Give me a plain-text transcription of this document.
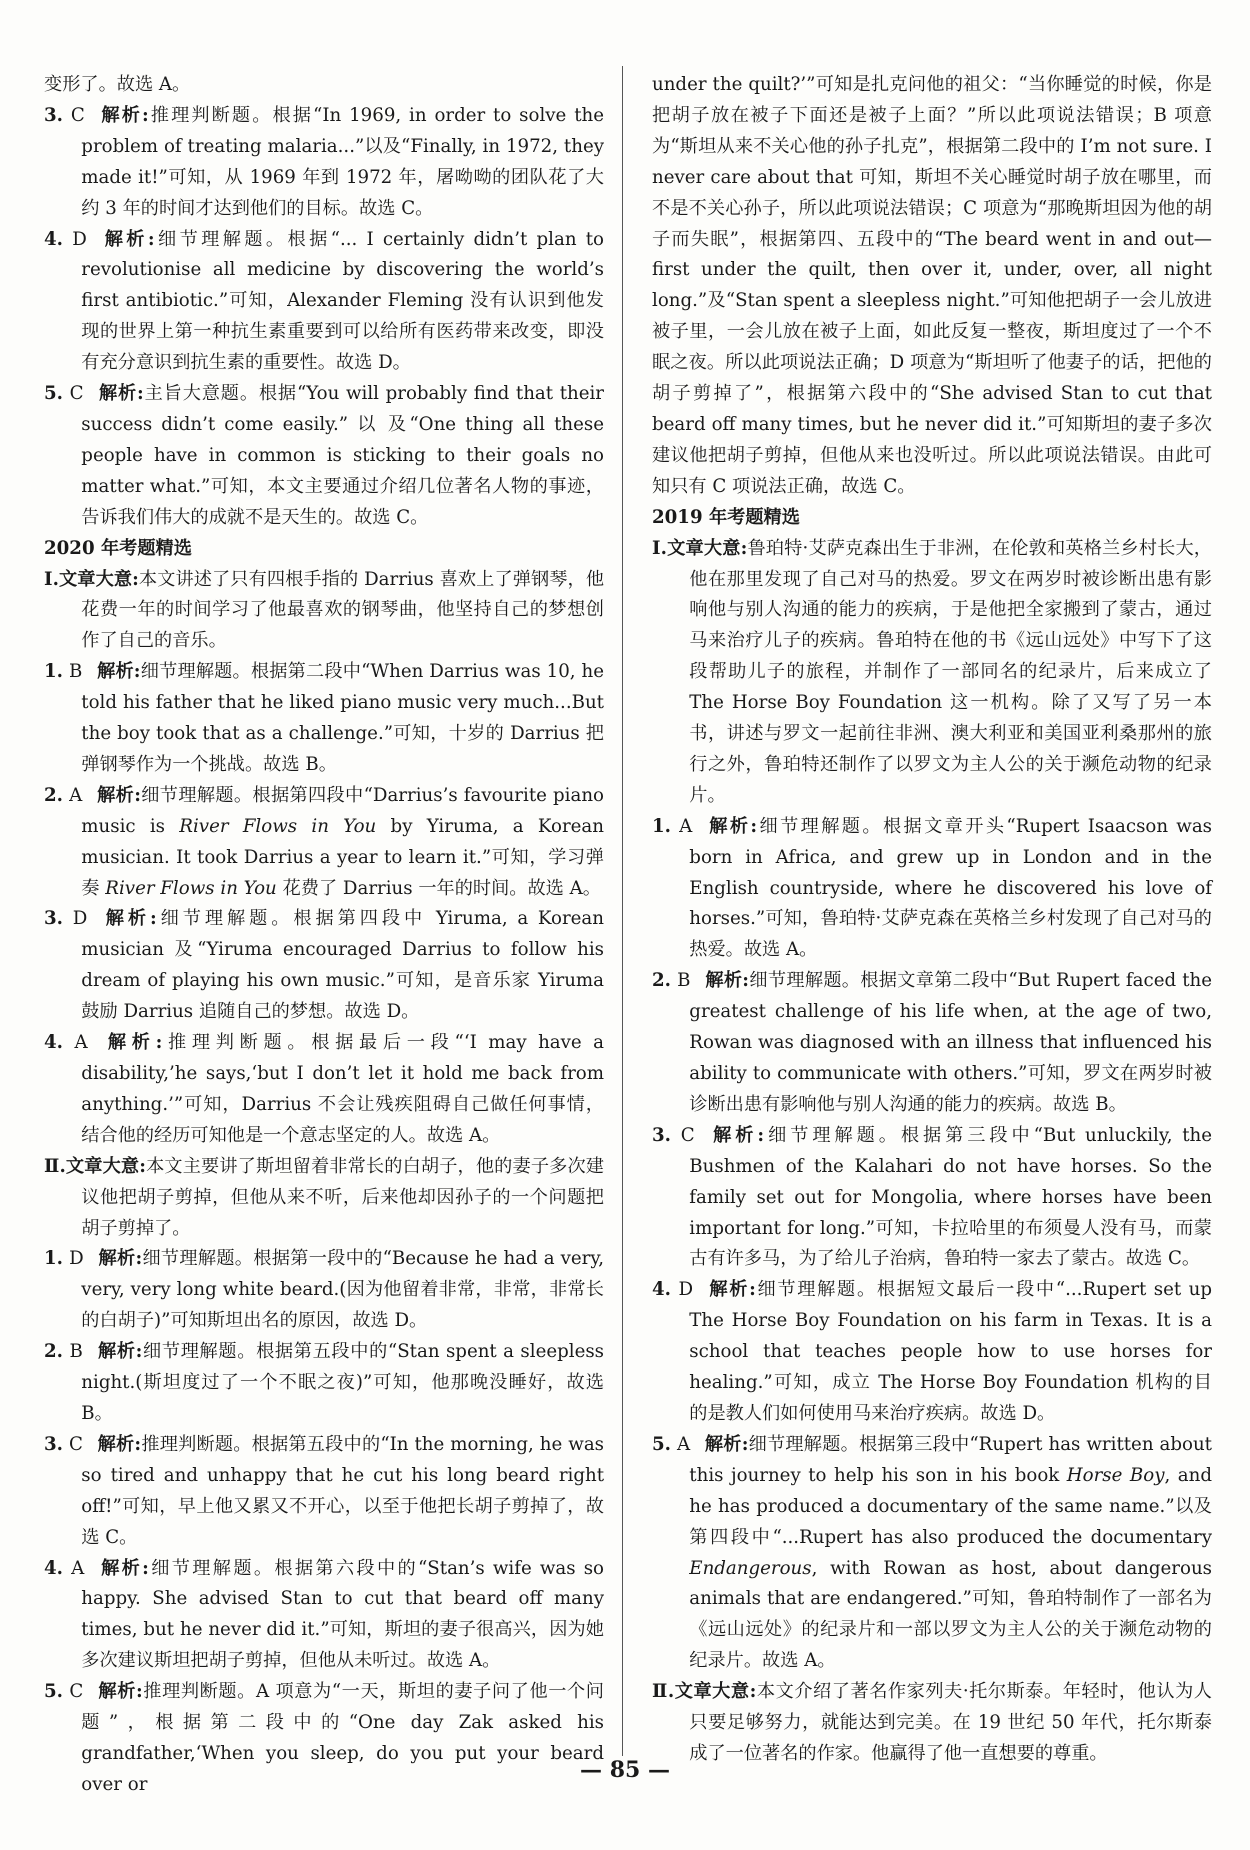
变形了。故选 A。

3. C 解析:推理判断题。根据“In 1969, in order to solve the problem of treating malaria...”以及“Finally, in 1972, they made it!”可知，从 1969 年到 1972 年，屠呦呦的团队花了大约 3 年的时间才达到他们的目标。故选 C。

4. D 解析:细节理解题。根据“... I certainly didn’t plan to revolutionise all medicine by discovering the world’s first antibiotic.”可知，Alexander Fleming 没有认识到他发现的世界上第一种抗生素重要到可以给所有医药带来改变，即没有充分意识到抗生素的重要性。故选 D。

5. C 解析:主旨大意题。根据“You will probably find that their success didn’t come easily.” 以 及“One thing all these people have in common is sticking to their goals no matter what.”可知，本文主要通过介绍几位著名人物的事迹，告诉我们伟大的成就不是天生的。故选 C。

2020 年考题精选

Ⅰ.文章大意:本文讲述了只有四根手指的 Darrius 喜欢上了弹钢琴，他花费一年的时间学习了他最喜欢的钢琴曲，他坚持自己的梦想创作了自己的音乐。

1. B 解析:细节理解题。根据第二段中“When Darrius was 10, he told his father that he liked piano music very much...But the boy took that as a challenge.”可知，十岁的 Darrius 把弹钢琴作为一个挑战。故选 B。

2. A 解析:细节理解题。根据第四段中“Darrius’s favourite piano music is River Flows in You by Yiruma, a Korean musician. It took Darrius a year to learn it.”可知，学习弹奏 River Flows in You 花费了 Darrius 一年的时间。故选 A。

3. D 解析:细节理解题。根据第四段中 Yiruma, a Korean musician 及“Yiruma encouraged Darrius to follow his dream of playing his own music.”可知，是音乐家 Yiruma 鼓励 Darrius 追随自己的梦想。故选 D。

4. A 解析:推理判断题。根据最后一段“‘I may have a disability,’he says,‘but I don’t let it hold me back from anything.’”可知，Darrius 不会让残疾阻碍自己做任何事情，结合他的经历可知他是一个意志坚定的人。故选 A。

Ⅱ.文章大意:本文主要讲了斯坦留着非常长的白胡子，他的妻子多次建议他把胡子剪掉，但他从来不听，后来他却因孙子的一个问题把胡子剪掉了。

1. D 解析:细节理解题。根据第一段中的“Because he had a very, very, very long white beard.(因为他留着非常，非常，非常长的白胡子)”可知斯坦出名的原因，故选 D。

2. B 解析:细节理解题。根据第五段中的“Stan spent a sleepless night.(斯坦度过了一个不眠之夜)”可知，他那晚没睡好，故选 B。

3. C 解析:推理判断题。根据第五段中的“In the morning, he was so tired and unhappy that he cut his long beard right off!”可知，早上他又累又不开心，以至于他把长胡子剪掉了，故选 C。

4. A 解析:细节理解题。根据第六段中的“Stan’s wife was so happy. She advised Stan to cut that beard off many times, but he never did it.”可知，斯坦的妻子很高兴，因为她多次建议斯坦把胡子剪掉，但他从未听过。故选 A。

5. C 解析:推理判断题。A 项意为“一天，斯坦的妻子问了他一个问题”，根据第二段中的“One day Zak asked his grandfather,‘When you sleep, do you put your beard over or

under the quilt?’”可知是扎克问他的祖父：“当你睡觉的时候，你是把胡子放在被子下面还是被子上面？”所以此项说法错误；B 项意为“斯坦从来不关心他的孙子扎克”，根据第二段中的 I’m not sure. I never care about that 可知，斯坦不关心睡觉时胡子放在哪里，而不是不关心孙子，所以此项说法错误；C 项意为“那晚斯坦因为他的胡子而失眠”，根据第四、五段中的“The beard went in and out—first under the quilt, then over it, under, over, all night long.”及“Stan spent a sleepless night.”可知他把胡子一会儿放进被子里，一会儿放在被子上面，如此反复一整夜，斯坦度过了一个不眠之夜。所以此项说法正确；D 项意为“斯坦听了他妻子的话，把他的胡子剪掉了”，根据第六段中的“She advised Stan to cut that beard off many times, but he never did it.”可知斯坦的妻子多次建议他把胡子剪掉，但他从来也没听过。所以此项说法错误。由此可知只有 C 项说法正确，故选 C。

2019 年考题精选

Ⅰ.文章大意:鲁珀特·艾萨克森出生于非洲，在伦敦和英格兰乡村长大，他在那里发现了自己对马的热爱。罗文在两岁时被诊断出患有影响他与别人沟通的能力的疾病，于是他把全家搬到了蒙古，通过马来治疗儿子的疾病。鲁珀特在他的书《远山远处》中写下了这段帮助儿子的旅程，并制作了一部同名的纪录片，后来成立了 The Horse Boy Foundation 这一机构。除了又写了另一本书，讲述与罗文一起前往非洲、澳大利亚和美国亚利桑那州的旅行之外，鲁珀特还制作了以罗文为主人公的关于濒危动物的纪录片。

1. A 解析:细节理解题。根据文章开头“Rupert Isaacson was born in Africa, and grew up in London and in the English countryside, where he discovered his love of horses.”可知，鲁珀特·艾萨克森在英格兰乡村发现了自己对马的热爱。故选 A。

2. B 解析:细节理解题。根据文章第二段中“But Rupert faced the greatest challenge of his life when, at the age of two, Rowan was diagnosed with an illness that influenced his ability to communicate with others.”可知，罗文在两岁时被诊断出患有影响他与别人沟通的能力的疾病。故选 B。

3. C 解析:细节理解题。根据第三段中“But unluckily, the Bushmen of the Kalahari do not have horses. So the family set out for Mongolia, where horses have been important for long.”可知，卡拉哈里的布须曼人没有马，而蒙古有许多马，为了给儿子治病，鲁珀特一家去了蒙古。故选 C。

4. D 解析:细节理解题。根据短文最后一段中“...Rupert set up The Horse Boy Foundation on his farm in Texas. It is a school that teaches people how to use horses for healing.”可知，成立 The Horse Boy Foundation 机构的目的是教人们如何使用马来治疗疾病。故选 D。

5. A 解析:细节理解题。根据第三段中“Rupert has written about this journey to help his son in his book Horse Boy, and he has produced a documentary of the same name.”以及第四段中“...Rupert has also produced the documentary Endangerous, with Rowan as host, about dangerous animals that are endangered.”可知，鲁珀特制作了一部名为《远山远处》的纪录片和一部以罗文为主人公的关于濒危动物的纪录片。故选 A。

Ⅱ.文章大意:本文介绍了著名作家列夫·托尔斯泰。年轻时，他认为人只要足够努力，就能达到完美。在 19 世纪 50 年代，托尔斯泰成了一位著名的作家。他赢得了他一直想要的尊重。

— 85 —
